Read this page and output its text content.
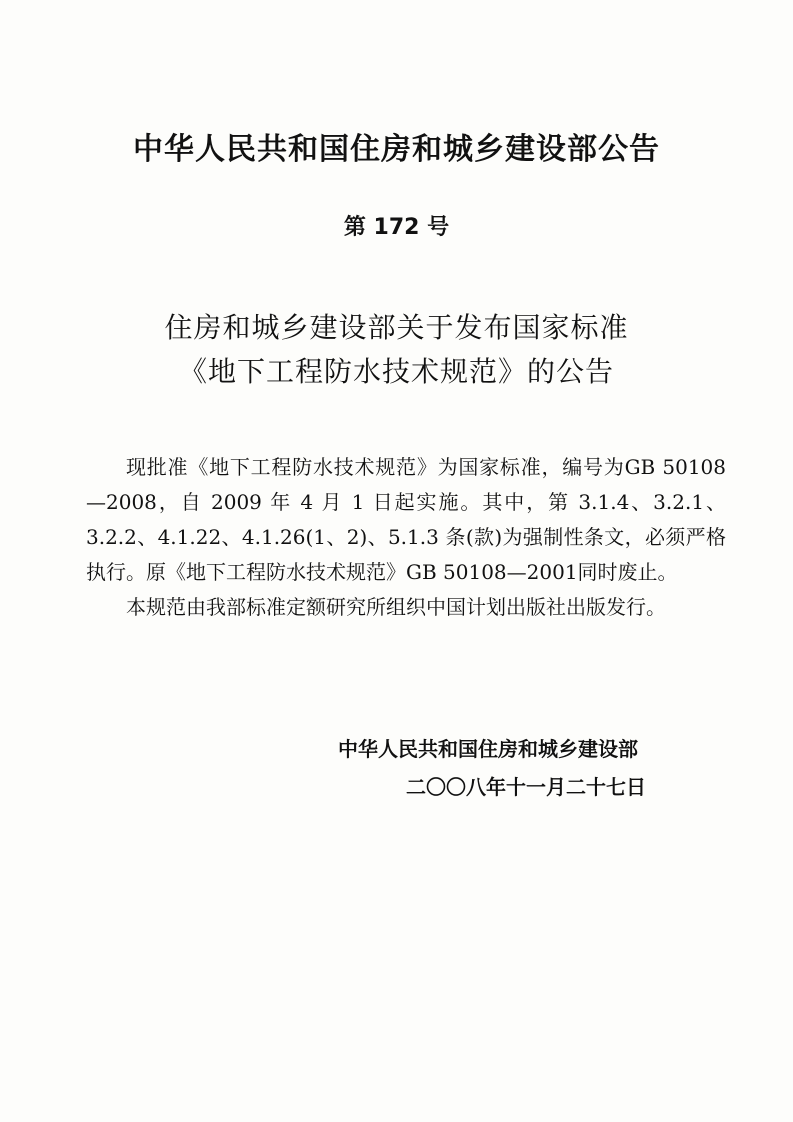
中华人民共和国住房和城乡建设部公告
第 172 号
住房和城乡建设部关于发布国家标准
《地下工程防水技术规范》的公告

现批准《地下工程防水技术规范》为国家标准，编号为GB 50108—2008，自 2009 年 4 月 1 日起实施。其中，第 3.1.4、3.2.1、3.2.2、4.1.22、4.1.26(1、2)、5.1.3 条(款)为强制性条文，必须严格执行。原《地下工程防水技术规范》GB 50108—2001同时废止。

本规范由我部标准定额研究所组织中国计划出版社出版发行。

中华人民共和国住房和城乡建设部
二〇〇八年十一月二十七日
